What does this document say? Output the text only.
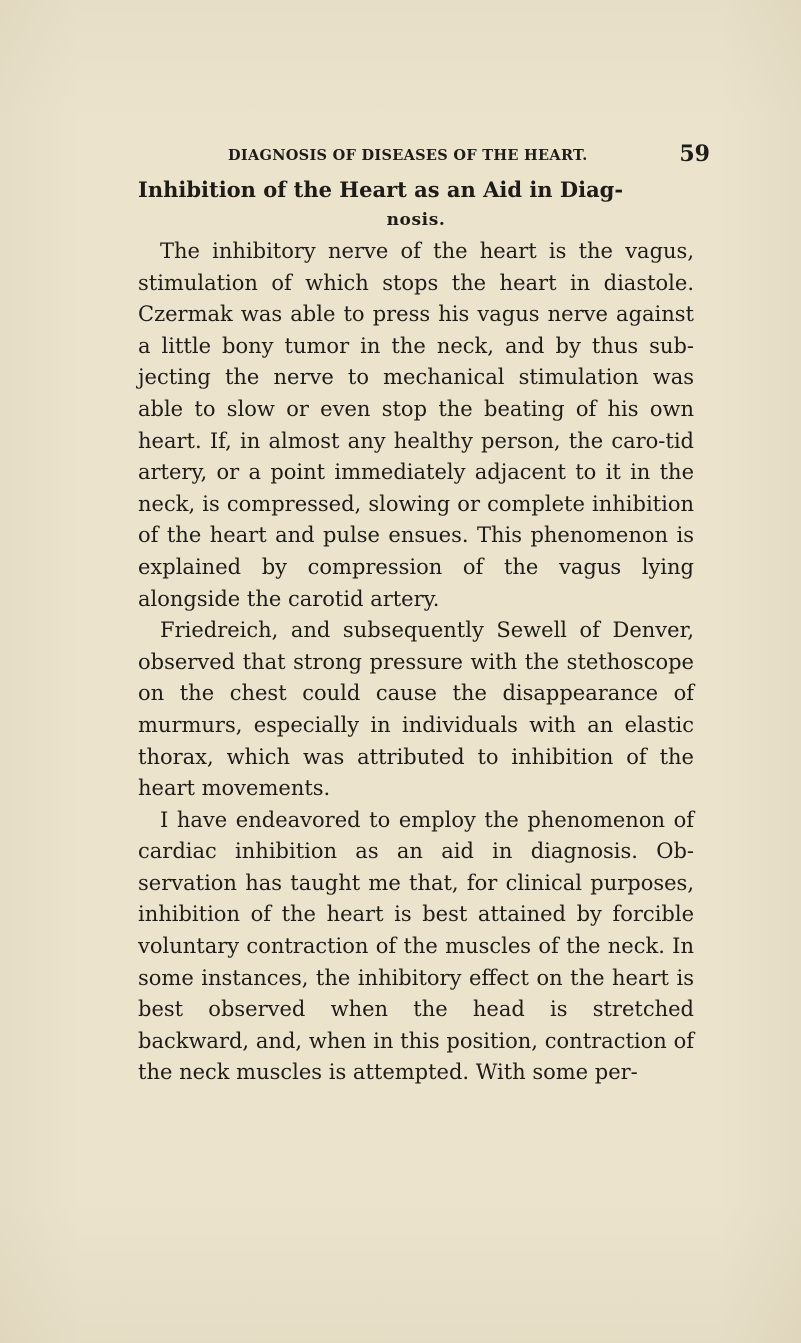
DIAGNOSIS OF DISEASES OF THE HEART.	59
Inhibition of the Heart as an Aid in Diag-
nosis.

The inhibitory nerve of the heart is the vagus, stimulation of which stops the heart in diastole. Czermak was able to press his vagus nerve against a little bony tumor in the neck, and by thus sub-jecting the nerve to mechanical stimulation was able to slow or even stop the beating of his own heart. If, in almost any healthy person, the caro-tid artery, or a point immediately adjacent to it in the neck, is compressed, slowing or complete inhibition of the heart and pulse ensues. This phenomenon is explained by compression of the vagus lying alongside the carotid artery.

Friedreich, and subsequently Sewell of Denver, observed that strong pressure with the stethoscope on the chest could cause the disappearance of murmurs, especially in individuals with an elastic thorax, which was attributed to inhibition of the heart movements.

I have endeavored to employ the phenomenon of cardiac inhibition as an aid in diagnosis. Ob-servation has taught me that, for clinical purposes, inhibition of the heart is best attained by forcible voluntary contraction of the muscles of the neck. In some instances, the inhibitory effect on the heart is best observed when the head is stretched backward, and, when in this position, contraction of the neck muscles is attempted. With some per-
